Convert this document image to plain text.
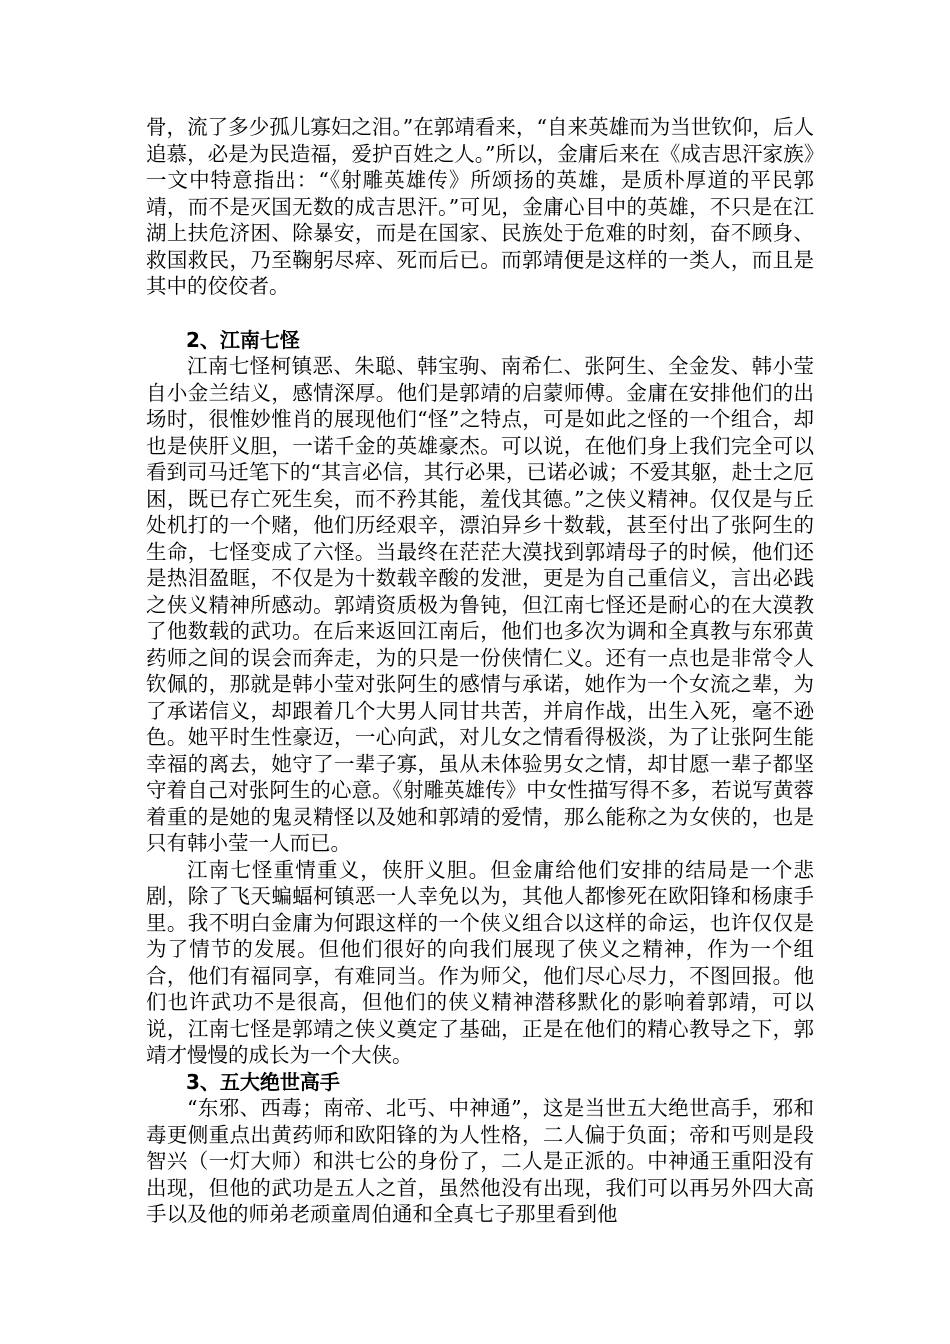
骨，流了多少孤儿寡妇之泪。”在郭靖看来，“自来英雄而为当世钦仰，后人追慕，必是为民造福，爱护百姓之人。”所以，金庸后来在《成吉思汗家族》一文中特意指出：“《射雕英雄传》所颂扬的英雄，是质朴厚道的平民郭靖，而不是灭国无数的成吉思汗。”可见，金庸心目中的英雄，不只是在江湖上扶危济困、除暴安，而是在国家、民族处于危难的时刻，奋不顾身、救国救民，乃至鞠躬尽瘁、死而后已。而郭靖便是这样的一类人，而且是其中的佼佼者。

2、江南七怪

江南七怪柯镇恶、朱聪、韩宝驹、南希仁、张阿生、全金发、韩小莹自小金兰结义，感情深厚。他们是郭靖的启蒙师傅。金庸在安排他们的出场时，很惟妙惟肖的展现他们“怪”之特点，可是如此之怪的一个组合，却也是侠肝义胆，一诺千金的英雄豪杰。可以说，在他们身上我们完全可以看到司马迁笔下的“其言必信，其行必果，已诺必诚；不爱其躯，赴士之厄困，既已存亡死生矣，而不矜其能，羞伐其德。”之侠义精神。仅仅是与丘处机打的一个赌，他们历经艰辛，漂泊异乡十数载，甚至付出了张阿生的生命，七怪变成了六怪。当最终在茫茫大漠找到郭靖母子的时候，他们还是热泪盈眶，不仅是为十数载辛酸的发泄，更是为自己重信义，言出必践之侠义精神所感动。郭靖资质极为鲁钝，但江南七怪还是耐心的在大漠教了他数载的武功。在后来返回江南后，他们也多次为调和全真教与东邪黄药师之间的误会而奔走，为的只是一份侠情仁义。还有一点也是非常令人钦佩的，那就是韩小莹对张阿生的感情与承诺，她作为一个女流之辈，为了承诺信义，却跟着几个大男人同甘共苦，并肩作战，出生入死，毫不逊色。她平时生性豪迈，一心向武，对儿女之情看得极淡，为了让张阿生能幸福的离去，她守了一辈子寡，虽从未体验男女之情，却甘愿一辈子都坚守着自己对张阿生的心意。《射雕英雄传》中女性描写得不多，若说写黄蓉着重的是她的鬼灵精怪以及她和郭靖的爱情，那么能称之为女侠的，也是只有韩小莹一人而已。

江南七怪重情重义，侠肝义胆。但金庸给他们安排的结局是一个悲剧，除了飞天蝙蝠柯镇恶一人幸免以为，其他人都惨死在欧阳锋和杨康手里。我不明白金庸为何跟这样的一个侠义组合以这样的命运，也许仅仅是为了情节的发展。但他们很好的向我们展现了侠义之精神，作为一个组合，他们有福同享，有难同当。作为师父，他们尽心尽力，不图回报。他们也许武功不是很高，但他们的侠义精神潜移默化的影响着郭靖，可以说，江南七怪是郭靖之侠义奠定了基础，正是在他们的精心教导之下，郭靖才慢慢的成长为一个大侠。

3、五大绝世高手

“东邪、西毒；南帝、北丐、中神通”，这是当世五大绝世高手，邪和毒更侧重点出黄药师和欧阳锋的为人性格，二人偏于负面；帝和丐则是段智兴（一灯大师）和洪七公的身份了，二人是正派的。中神通王重阳没有出现，但他的武功是五人之首，虽然他没有出现，我们可以再另外四大高手以及他的师弟老顽童周伯通和全真七子那里看到他
